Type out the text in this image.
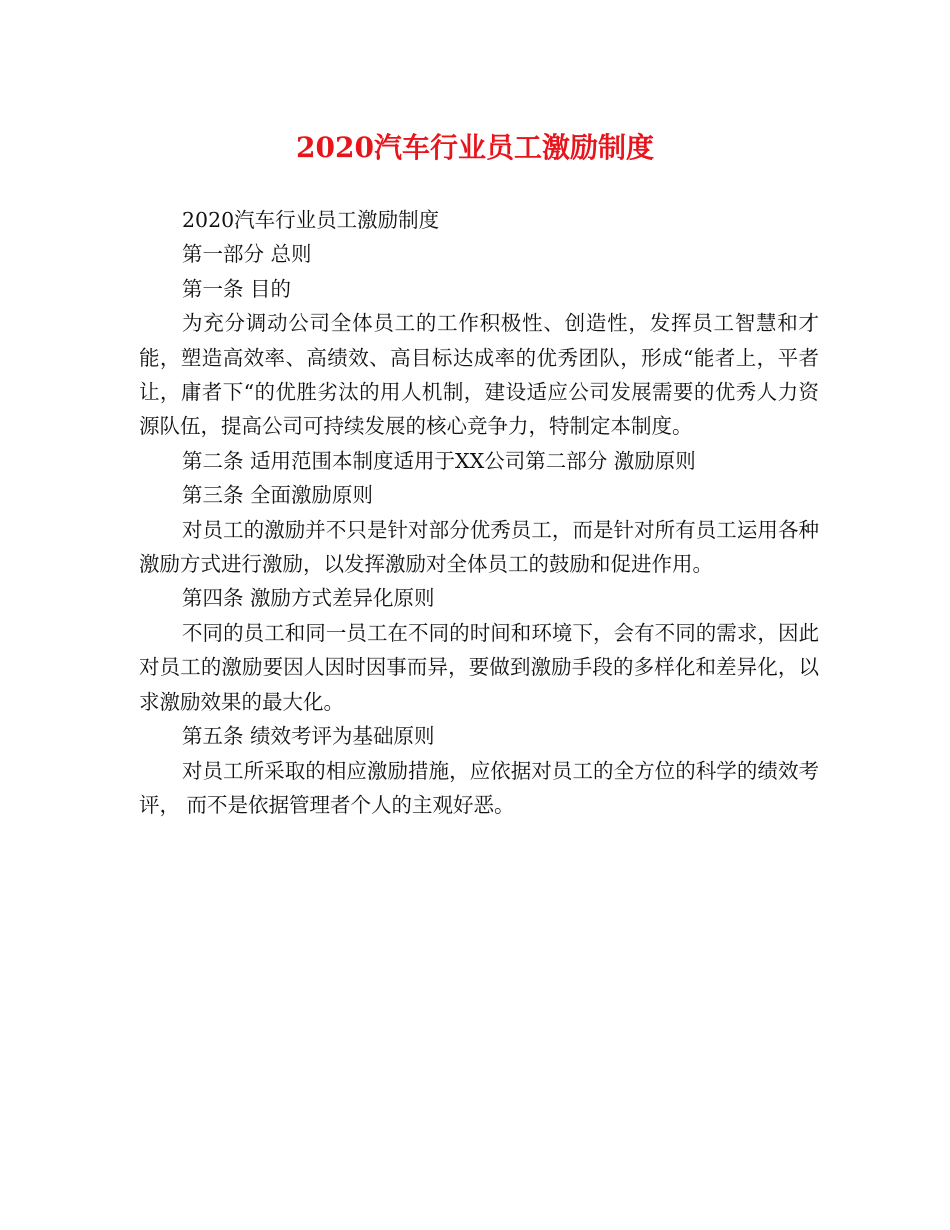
2020汽车行业员工激励制度

2020汽车行业员工激励制度

第一部分 总则

第一条 目的

为充分调动公司全体员工的工作积极性、创造性，发挥员工智慧和才能，塑造高效率、高绩效、高目标达成率的优秀团队，形成“能者上，平者让，庸者下“的优胜劣汰的用人机制，建设适应公司发展需要的优秀人力资源队伍，提高公司可持续发展的核心竞争力，特制定本制度。

第二条 适用范围本制度适用于XX公司第二部分 激励原则

第三条 全面激励原则

对员工的激励并不只是针对部分优秀员工，而是针对所有员工运用各种激励方式进行激励，以发挥激励对全体员工的鼓励和促进作用。

第四条 激励方式差异化原则

不同的员工和同一员工在不同的时间和环境下，会有不同的需求，因此对员工的激励要因人因时因事而异，要做到激励手段的多样化和差异化，以求激励效果的最大化。

第五条 绩效考评为基础原则

对员工所采取的相应激励措施，应依据对员工的全方位的科学的绩效考评， 而不是依据管理者个人的主观好恶。
